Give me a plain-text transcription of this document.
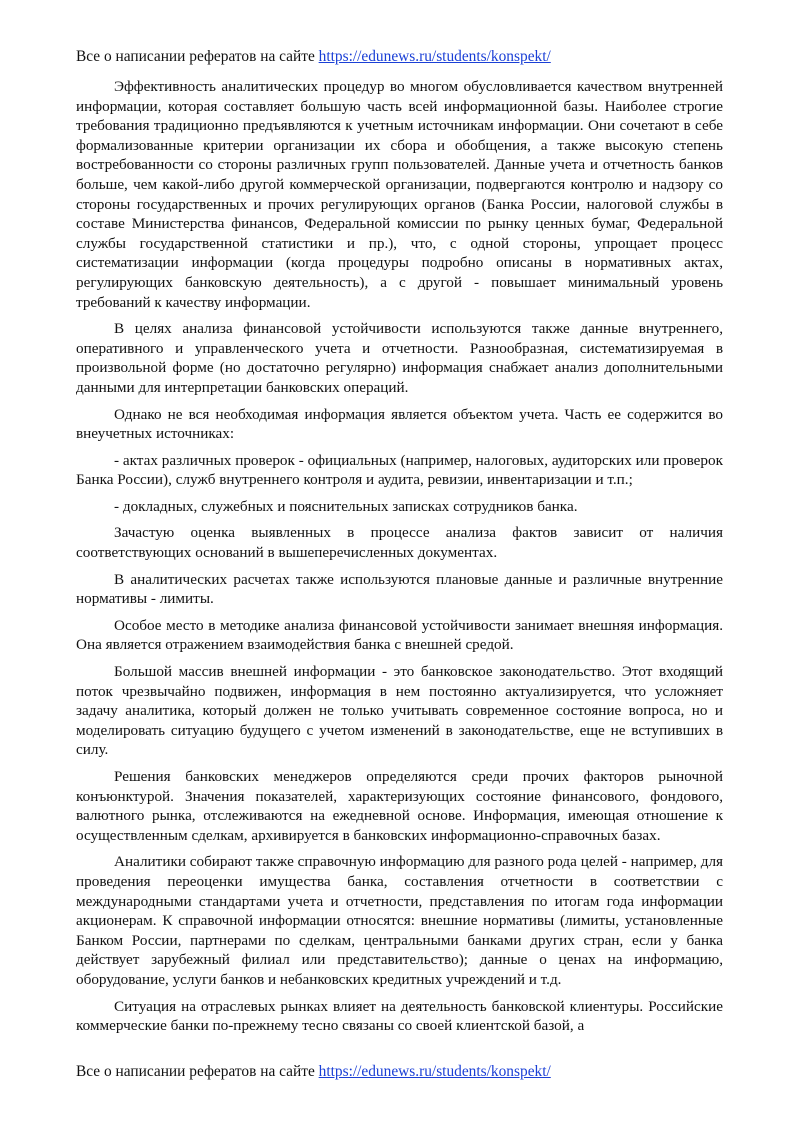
Все о написании рефератов на сайте https://edunews.ru/students/konspekt/

Эффективность аналитических процедур во многом обусловливается качеством внутренней информации, которая составляет большую часть всей информационной базы. Наиболее строгие требования традиционно предъявляются к учетным источникам информации. Они сочетают в себе формализованные критерии организации их сбора и обобщения, а также высокую степень востребованности со стороны различных групп пользователей. Данные учета и отчетность банков больше, чем какой-либо другой коммерческой организации, подвергаются контролю и надзору со стороны государственных и прочих регулирующих органов (Банка России, налоговой службы в составе Министерства финансов, Федеральной комиссии по рынку ценных бумаг, Федеральной службы государственной статистики и пр.), что, с одной стороны, упрощает процесс систематизации информации (когда процедуры подробно описаны в нормативных актах, регулирующих банковскую деятельность), а с другой - повышает минимальный уровень требований к качеству информации.

В целях анализа финансовой устойчивости используются также данные внутреннего, оперативного и управленческого учета и отчетности. Разнообразная, систематизируемая в произвольной форме (но достаточно регулярно) информация снабжает анализ дополнительными данными для интерпретации банковских операций.

Однако не вся необходимая информация является объектом учета. Часть ее содержится во внеучетных источниках:

- актах различных проверок - официальных (например, налоговых, аудиторских или проверок Банка России), служб внутреннего контроля и аудита, ревизии, инвентаризации и т.п.;

- докладных, служебных и пояснительных записках сотрудников банка.

Зачастую оценка выявленных в процессе анализа фактов зависит от наличия соответствующих оснований в вышеперечисленных документах.

В аналитических расчетах также используются плановые данные и различные внутренние нормативы - лимиты.

Особое место в методике анализа финансовой устойчивости занимает внешняя информация. Она является отражением взаимодействия банка с внешней средой.

Большой массив внешней информации - это банковское законодательство. Этот входящий поток чрезвычайно подвижен, информация в нем постоянно актуализируется, что усложняет задачу аналитика, который должен не только учитывать современное состояние вопроса, но и моделировать ситуацию будущего с учетом изменений в законодательстве, еще не вступивших в силу.

Решения банковских менеджеров определяются среди прочих факторов рыночной конъюнктурой. Значения показателей, характеризующих состояние финансового, фондового, валютного рынка, отслеживаются на ежедневной основе. Информация, имеющая отношение к осуществленным сделкам, архивируется в банковских информационно-справочных базах.

Аналитики собирают также справочную информацию для разного рода целей - например, для проведения переоценки имущества банка, составления отчетности в соответствии с международными стандартами учета и отчетности, представления по итогам года информации акционерам. К справочной информации относятся: внешние нормативы (лимиты, установленные Банком России, партнерами по сделкам, центральными банками других стран, если у банка действует зарубежный филиал или представительство); данные о ценах на информацию, оборудование, услуги банков и небанковских кредитных учреждений и т.д.

Ситуация на отраслевых рынках влияет на деятельность банковской клиентуры. Российские коммерческие банки по-прежнему тесно связаны со своей клиентской базой, а

Все о написании рефератов на сайте https://edunews.ru/students/konspekt/
